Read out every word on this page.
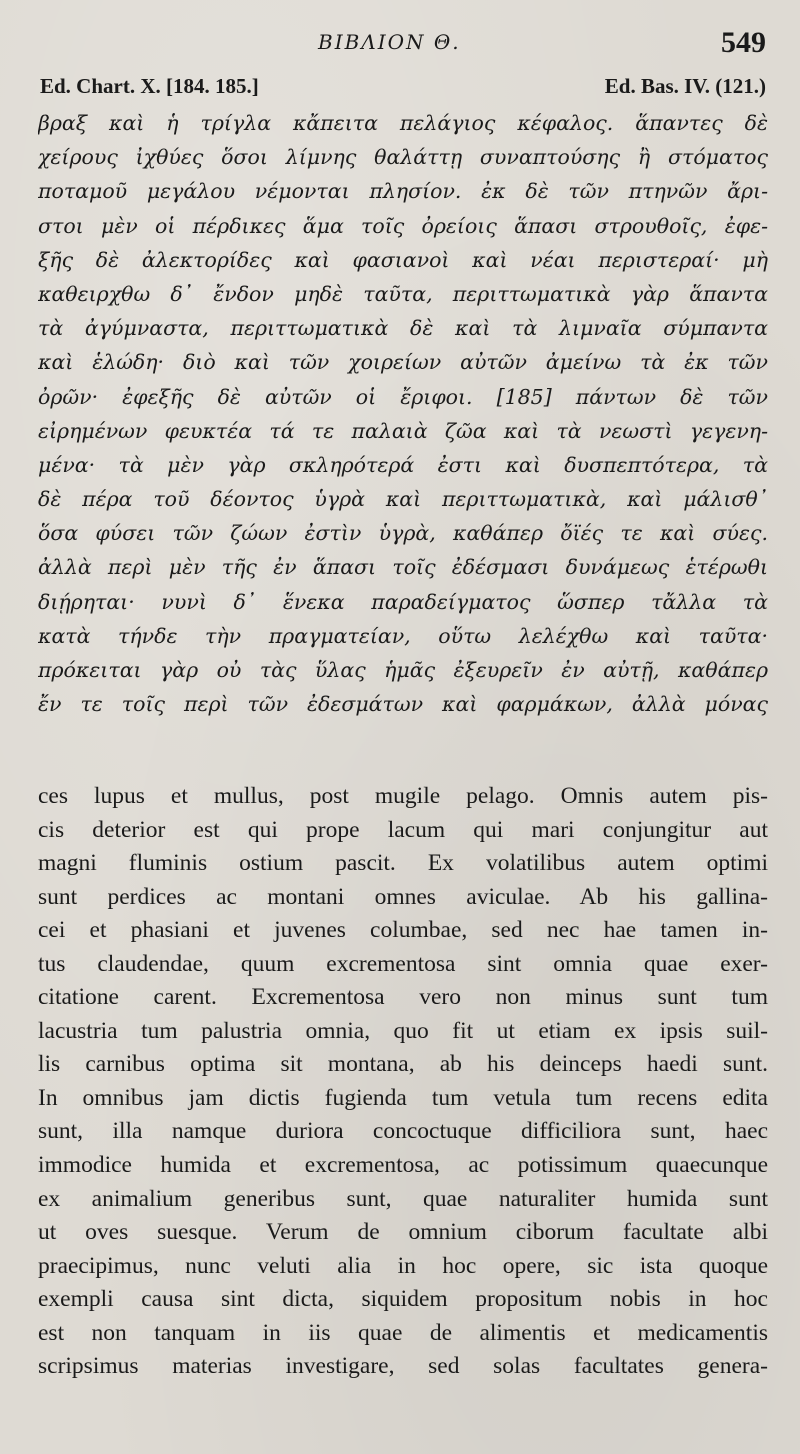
BIBΛΙΟΝ Θ.	549
Ed. Chart. X. [184. 185.]	Ed. Bas. IV. (121.)
βραξ καὶ ἡ τρίγλα κἄπειτα πελάγιος κέφαλος. ἅπαντες δὲ
χείρους ἰχθύες ὅσοι λίμνης θαλάττῃ συναπτούσης ἢ στόματος
ποταμοῦ μεγάλου νέμονται πλησίον. ἐκ δὲ τῶν πτηνῶν ἄρι-
στοι μὲν οἱ πέρδικες ἅμα τοῖς ὀρείοις ἅπασι στρουθοῖς, ἐφε-
ξῆς δὲ ἀλεκτορίδες καὶ φασιανοὶ καὶ νέαι περιστεραί· μὴ
καθειρχθω δ᾽ ἔνδον μηδὲ ταῦτα, περιττωματικὰ γὰρ ἅπαντα
τὰ ἀγύμναστα, περιττωματικὰ δὲ καὶ τὰ λιμναῖα σύμπαντα
καὶ ἑλώδη· διὸ καὶ τῶν χοιρείων αὐτῶν ἀμείνω τὰ ἐκ τῶν
ὀρῶν· ἐφεξῆς δὲ αὐτῶν οἱ ἔριφοι. [185] πάντων δὲ τῶν
εἰρημένων φευκτέα τά τε παλαιὰ ζῶα καὶ τὰ νεωστὶ γεγενη-
μένα· τὰ μὲν γὰρ σκληρότερά ἐστι καὶ δυσπεπτότερα, τὰ
δὲ πέρα τοῦ δέοντος ὑγρὰ καὶ περιττωματικὰ, καὶ μάλισθ᾽
ὅσα φύσει τῶν ζώων ἐστὶν ὑγρὰ, καθάπερ ὄϊές τε καὶ σύες.
ἀλλὰ περὶ μὲν τῆς ἐν ἅπασι τοῖς ἐδέσμασι δυνάμεως ἑτέρωθι
διῄρηται· νυνὶ δ᾽ ἕνεκα παραδείγματος ὥσπερ τἄλλα τὰ
κατὰ τήνδε τὴν πραγματείαν, οὕτω λελέχθω καὶ ταῦτα·
πρόκειται γὰρ οὐ τὰς ὕλας ἡμᾶς ἐξευρεῖν ἐν αὐτῇ, καθάπερ
ἔν τε τοῖς περὶ τῶν ἐδεσμάτων καὶ φαρμάκων, ἀλλὰ μόνας
ces lupus et mullus, post mugile pelago. Omnis autem pis-
cis deterior est qui prope lacum qui mari conjungitur aut
magni fluminis ostium pascit. Ex volatilibus autem optimi
sunt perdices ac montani omnes aviculae. Ab his gallina-
cei et phasiani et juvenes columbae, sed nec hae tamen in-
tus claudendae, quum excrementosa sint omnia quae exer-
citatione carent. Excrementosa vero non minus sunt tum
lacustria tum palustria omnia, quo fit ut etiam ex ipsis suil-
lis carnibus optima sit montana, ab his deinceps haedi sunt.
In omnibus jam dictis fugienda tum vetula tum recens edita
sunt, illa namque duriora concoctuque difficiliora sunt, haec
immodice humida et excrementosa, ac potissimum quaecunque
ex animalium generibus sunt, quae naturaliter humida sunt
ut oves suesque. Verum de omnium ciborum facultate albi
praecipimus, nunc veluti alia in hoc opere, sic ista quoque
exempli causa sint dicta, siquidem propositum nobis in hoc
est non tanquam in iis quae de alimentis et medicamentis
scripsimus materias investigare, sed solas facultates genera-
